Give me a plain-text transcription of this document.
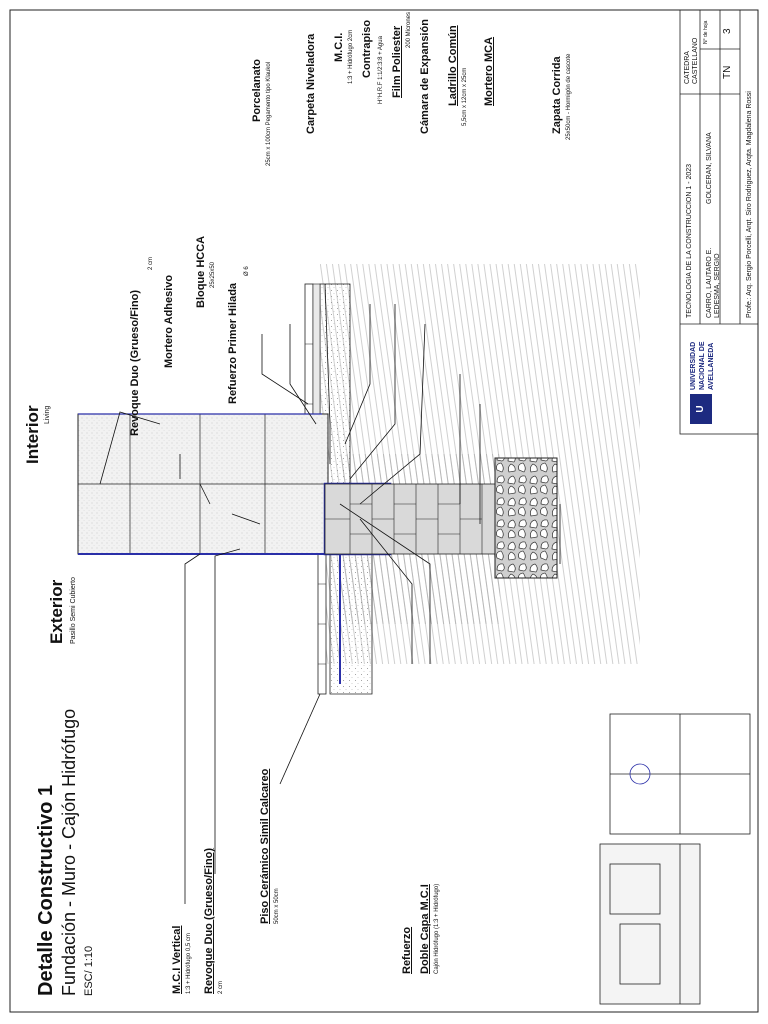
Detalle Constructivo 1 Fundación - Muro - Cajón Hidrófugo ESC/ 1:10
Exterior Pasillo Semi Cubierto
Interior Living
M.C.I Vertical 1:3 + Hidrófugo 0,5 cm Revoque Duo (Grueso/Fino) 2 cm
Piso Cerámico Simil Calcareo 50cm x 50cm
Refuerzo Doble Capa M.C.I Cajón Hidrófugo (1:3 + Hidrófugo)
Revoque Duo (Grueso/Fino)
2 cm
Mortero Adhesivo
Bloque HCCA 25x25x50
Refuerzo Primer Hilada
Ø 6
Porcelanato 25cm x 100cm Pegamento tipo Klaukol	Carpeta Niveladora M.C.I. 1:3 + Hidrófugo 2cm Contrapiso H°H.R.F 1:1/2:3:8 + Agua Film Poliester 200 Micrones Cámara de Expansión Ladrillo Común 5,5cm x 12cm x 25cm Mortero MCA	Zapata Corrida 25x50cm - Hormigón de cascote
U
UNIVERSIDAD NACIONAL DE AVELLANEDA
TECNOLOGIA DE LA CONSTRUCCION 1 - 2023 CARRO, LAUTARO E. LEDESMA, SERGIO
GOLCERAN, SILVANA
CATEDRA CASTELLANO TN
N° de hoja 3
Profe.: Arq. Sergio Porcelli, Arqt. Siro Rodriguez, Arqta. Magdalena Rossi
